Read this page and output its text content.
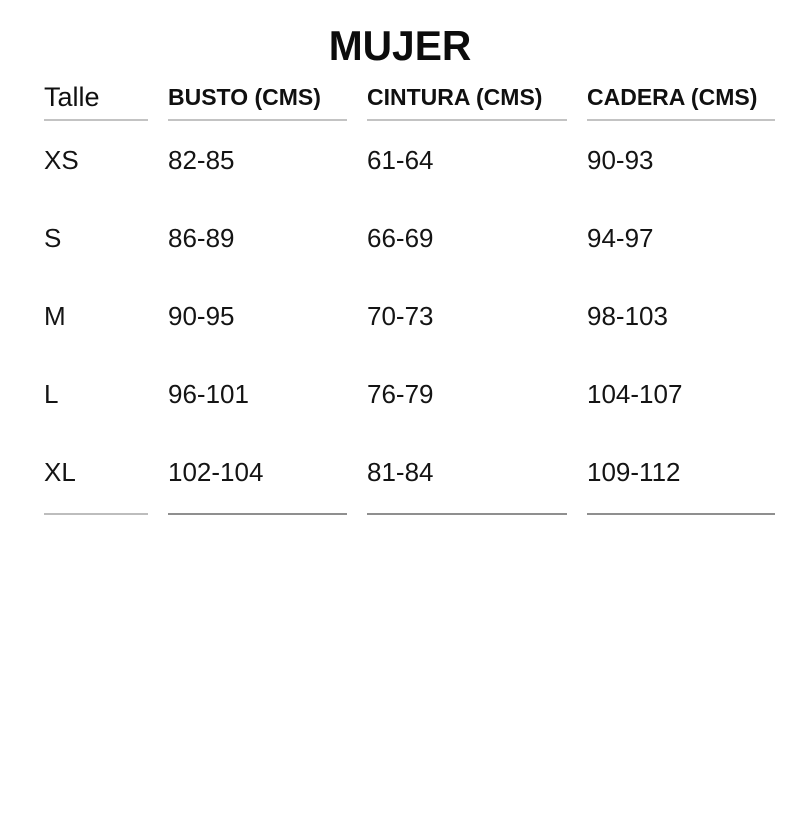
MUJER
Talle	BUSTO (CMS)	CINTURA (CMS)	CADERA (CMS)
XS	82-85	61-64	90-93
S	86-89	66-69	94-97
M	90-95	70-73	98-103
L	96-101	76-79	104-107
XL	102-104	81-84	109-112
